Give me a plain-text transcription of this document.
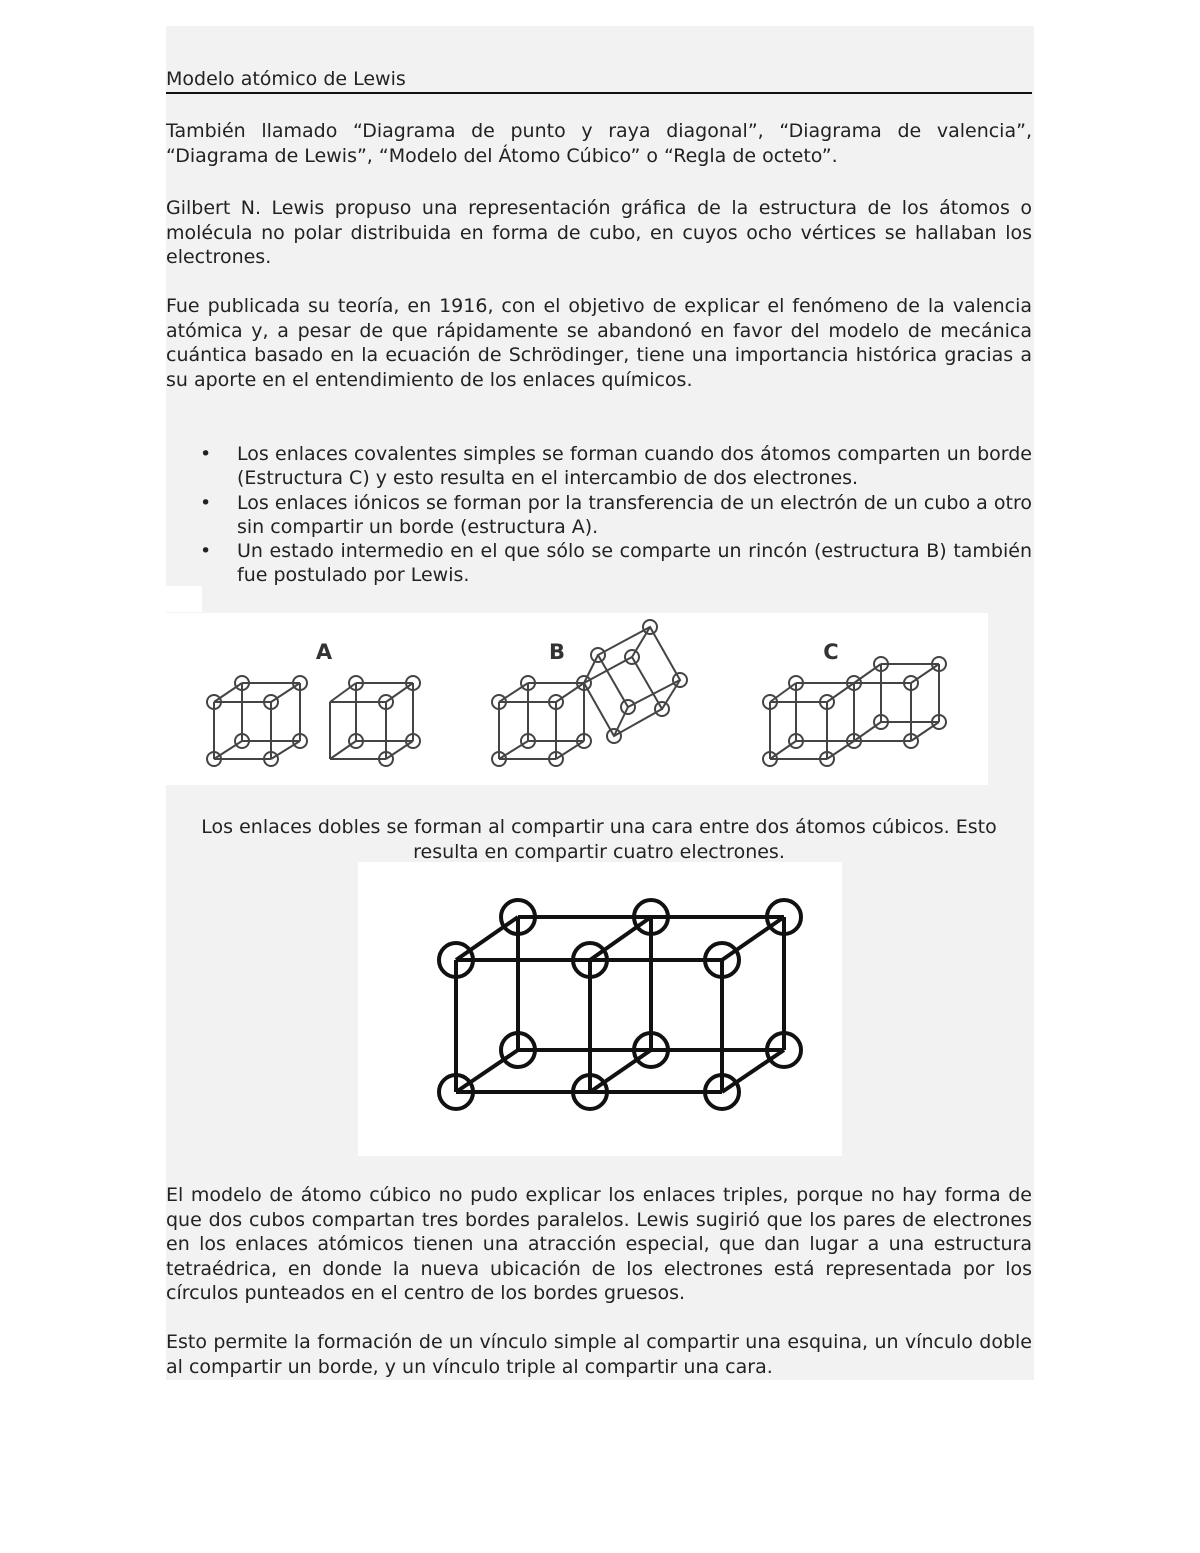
Modelo atómico de Lewis

También llamado “Diagrama de punto y raya diagonal”, “Diagrama de valencia”, “Diagrama de Lewis”, “Modelo del Átomo Cúbico” o “Regla de octeto”.

Gilbert N. Lewis propuso una representación gráfica de la estructura de los átomos o molécula no polar distribuida en forma de cubo, en cuyos ocho vértices se hallaban los electrones.

Fue publicada su teoría, en 1916, con el objetivo de explicar el fenómeno de la valencia atómica y, a pesar de que rápidamente se abandonó en favor del modelo de mecánica cuántica basado en la ecuación de Schrödinger, tiene una importancia histórica gracias a su aporte en el entendimiento de los enlaces químicos.

• Los enlaces covalentes simples se forman cuando dos átomos comparten un borde (Estructura C) y esto resulta en el intercambio de dos electrones.
• Los enlaces iónicos se forman por la transferencia de un electrón de un cubo a otro sin compartir un borde (estructura A).
• Un estado intermedio en el que sólo se comparte un rincón (estructura B) también fue postulado por Lewis.
A	B	C

Los enlaces dobles se forman al compartir una cara entre dos átomos cúbicos. Esto resulta en compartir cuatro electrones.

El modelo de átomo cúbico no pudo explicar los enlaces triples, porque no hay forma de que dos cubos compartan tres bordes paralelos. Lewis sugirió que los pares de electrones en los enlaces atómicos tienen una atracción especial, que dan lugar a una estructura tetraédrica, en donde la nueva ubicación de los electrones está representada por los círculos punteados en el centro de los bordes gruesos.

Esto permite la formación de un vínculo simple al compartir una esquina, un vínculo doble al compartir un borde, y un vínculo triple al compartir una cara.
